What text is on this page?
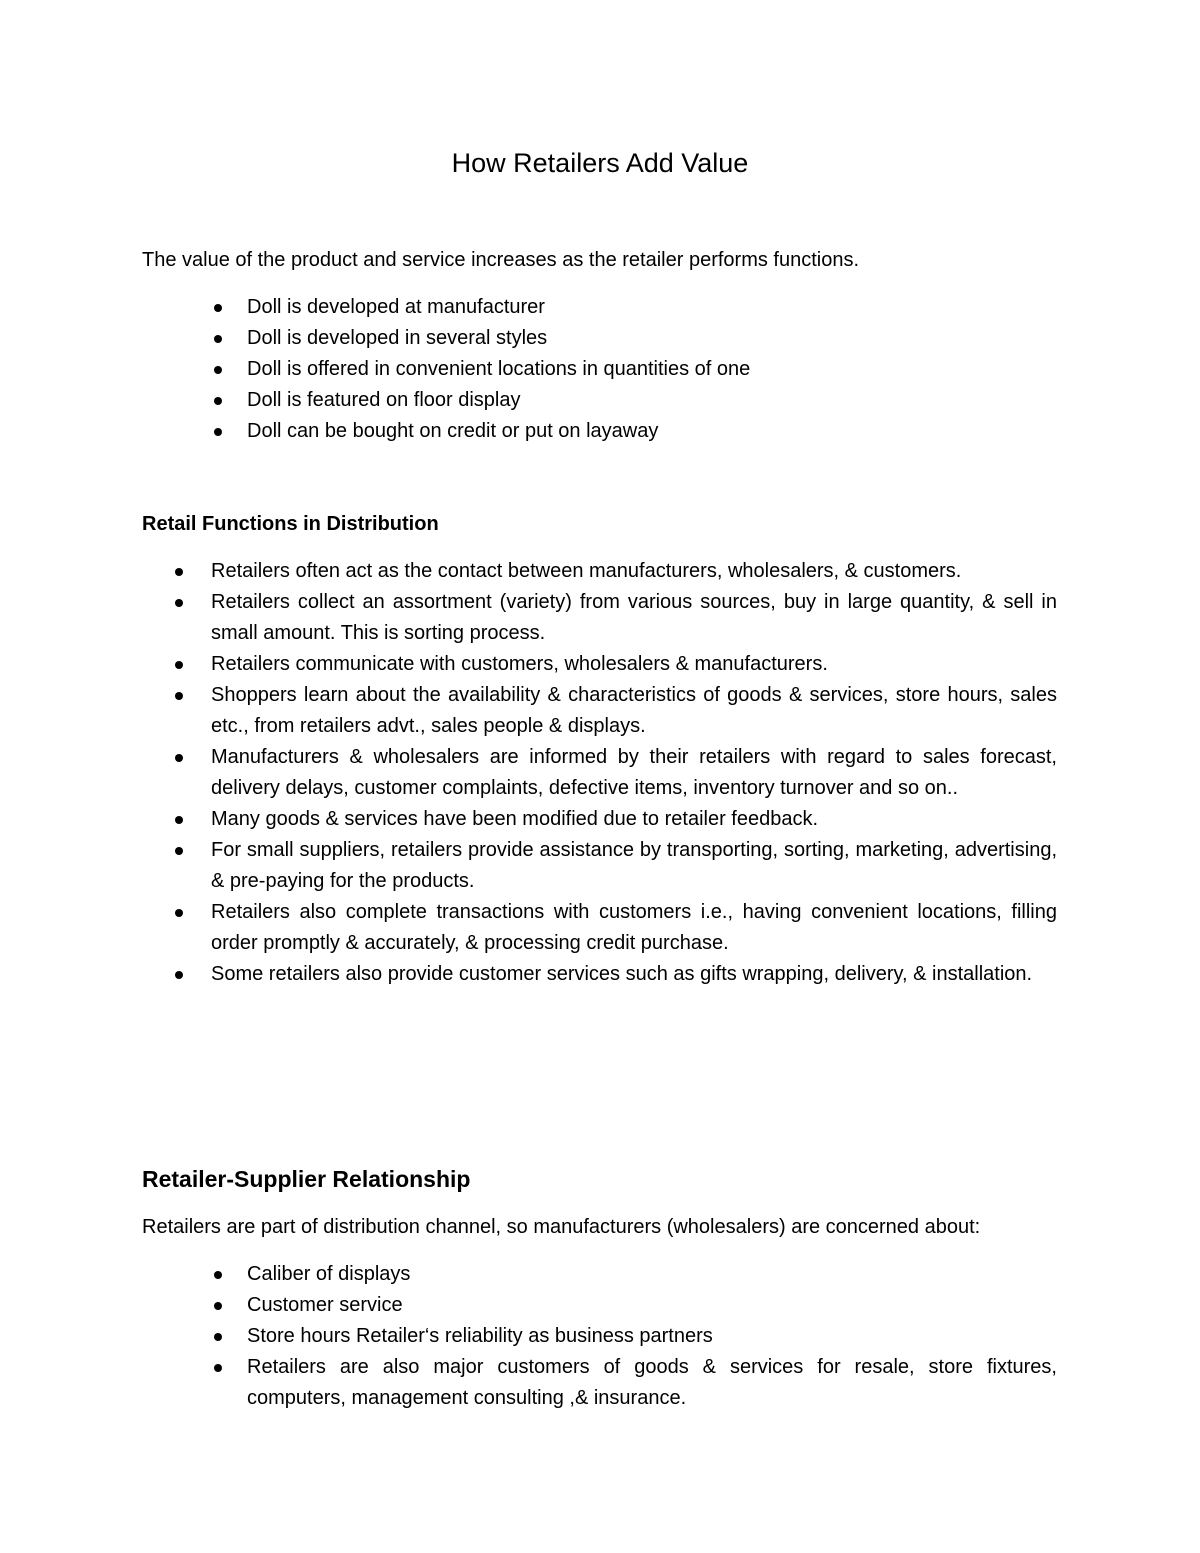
How Retailers Add Value

The value of the product and service increases as the retailer performs functions.

Doll is developed at manufacturer
Doll is developed in several styles
Doll is offered in convenient locations in quantities of one
Doll is featured on floor display
Doll can be bought on credit or put on layaway
Retail Functions in Distribution
Retailers often act as the contact between manufacturers, wholesalers, & customers.
Retailers collect an assortment (variety) from various sources, buy in large quantity, & sell in small amount. This is sorting process.
Retailers communicate with customers, wholesalers & manufacturers.
Shoppers learn about the availability & characteristics of goods & services, store hours, sales etc., from retailers advt., sales people & displays.
Manufacturers & wholesalers are informed by their retailers with regard to sales forecast, delivery delays, customer complaints, defective items, inventory turnover and so on..
Many goods & services have been modified due to retailer feedback.
For small suppliers, retailers provide assistance by transporting, sorting, marketing, advertising, & pre-paying for the products.
Retailers also complete transactions with customers i.e., having convenient locations, filling order promptly & accurately, & processing credit purchase.
Some retailers also provide customer services such as gifts wrapping, delivery, & installation.
Retailer-Supplier Relationship

Retailers are part of distribution channel, so manufacturers (wholesalers) are concerned about:

Caliber of displays
Customer service
Store hours Retailer‘s reliability as business partners
Retailers are also major customers of goods & services for resale, store fixtures, computers, management consulting ,& insurance.
